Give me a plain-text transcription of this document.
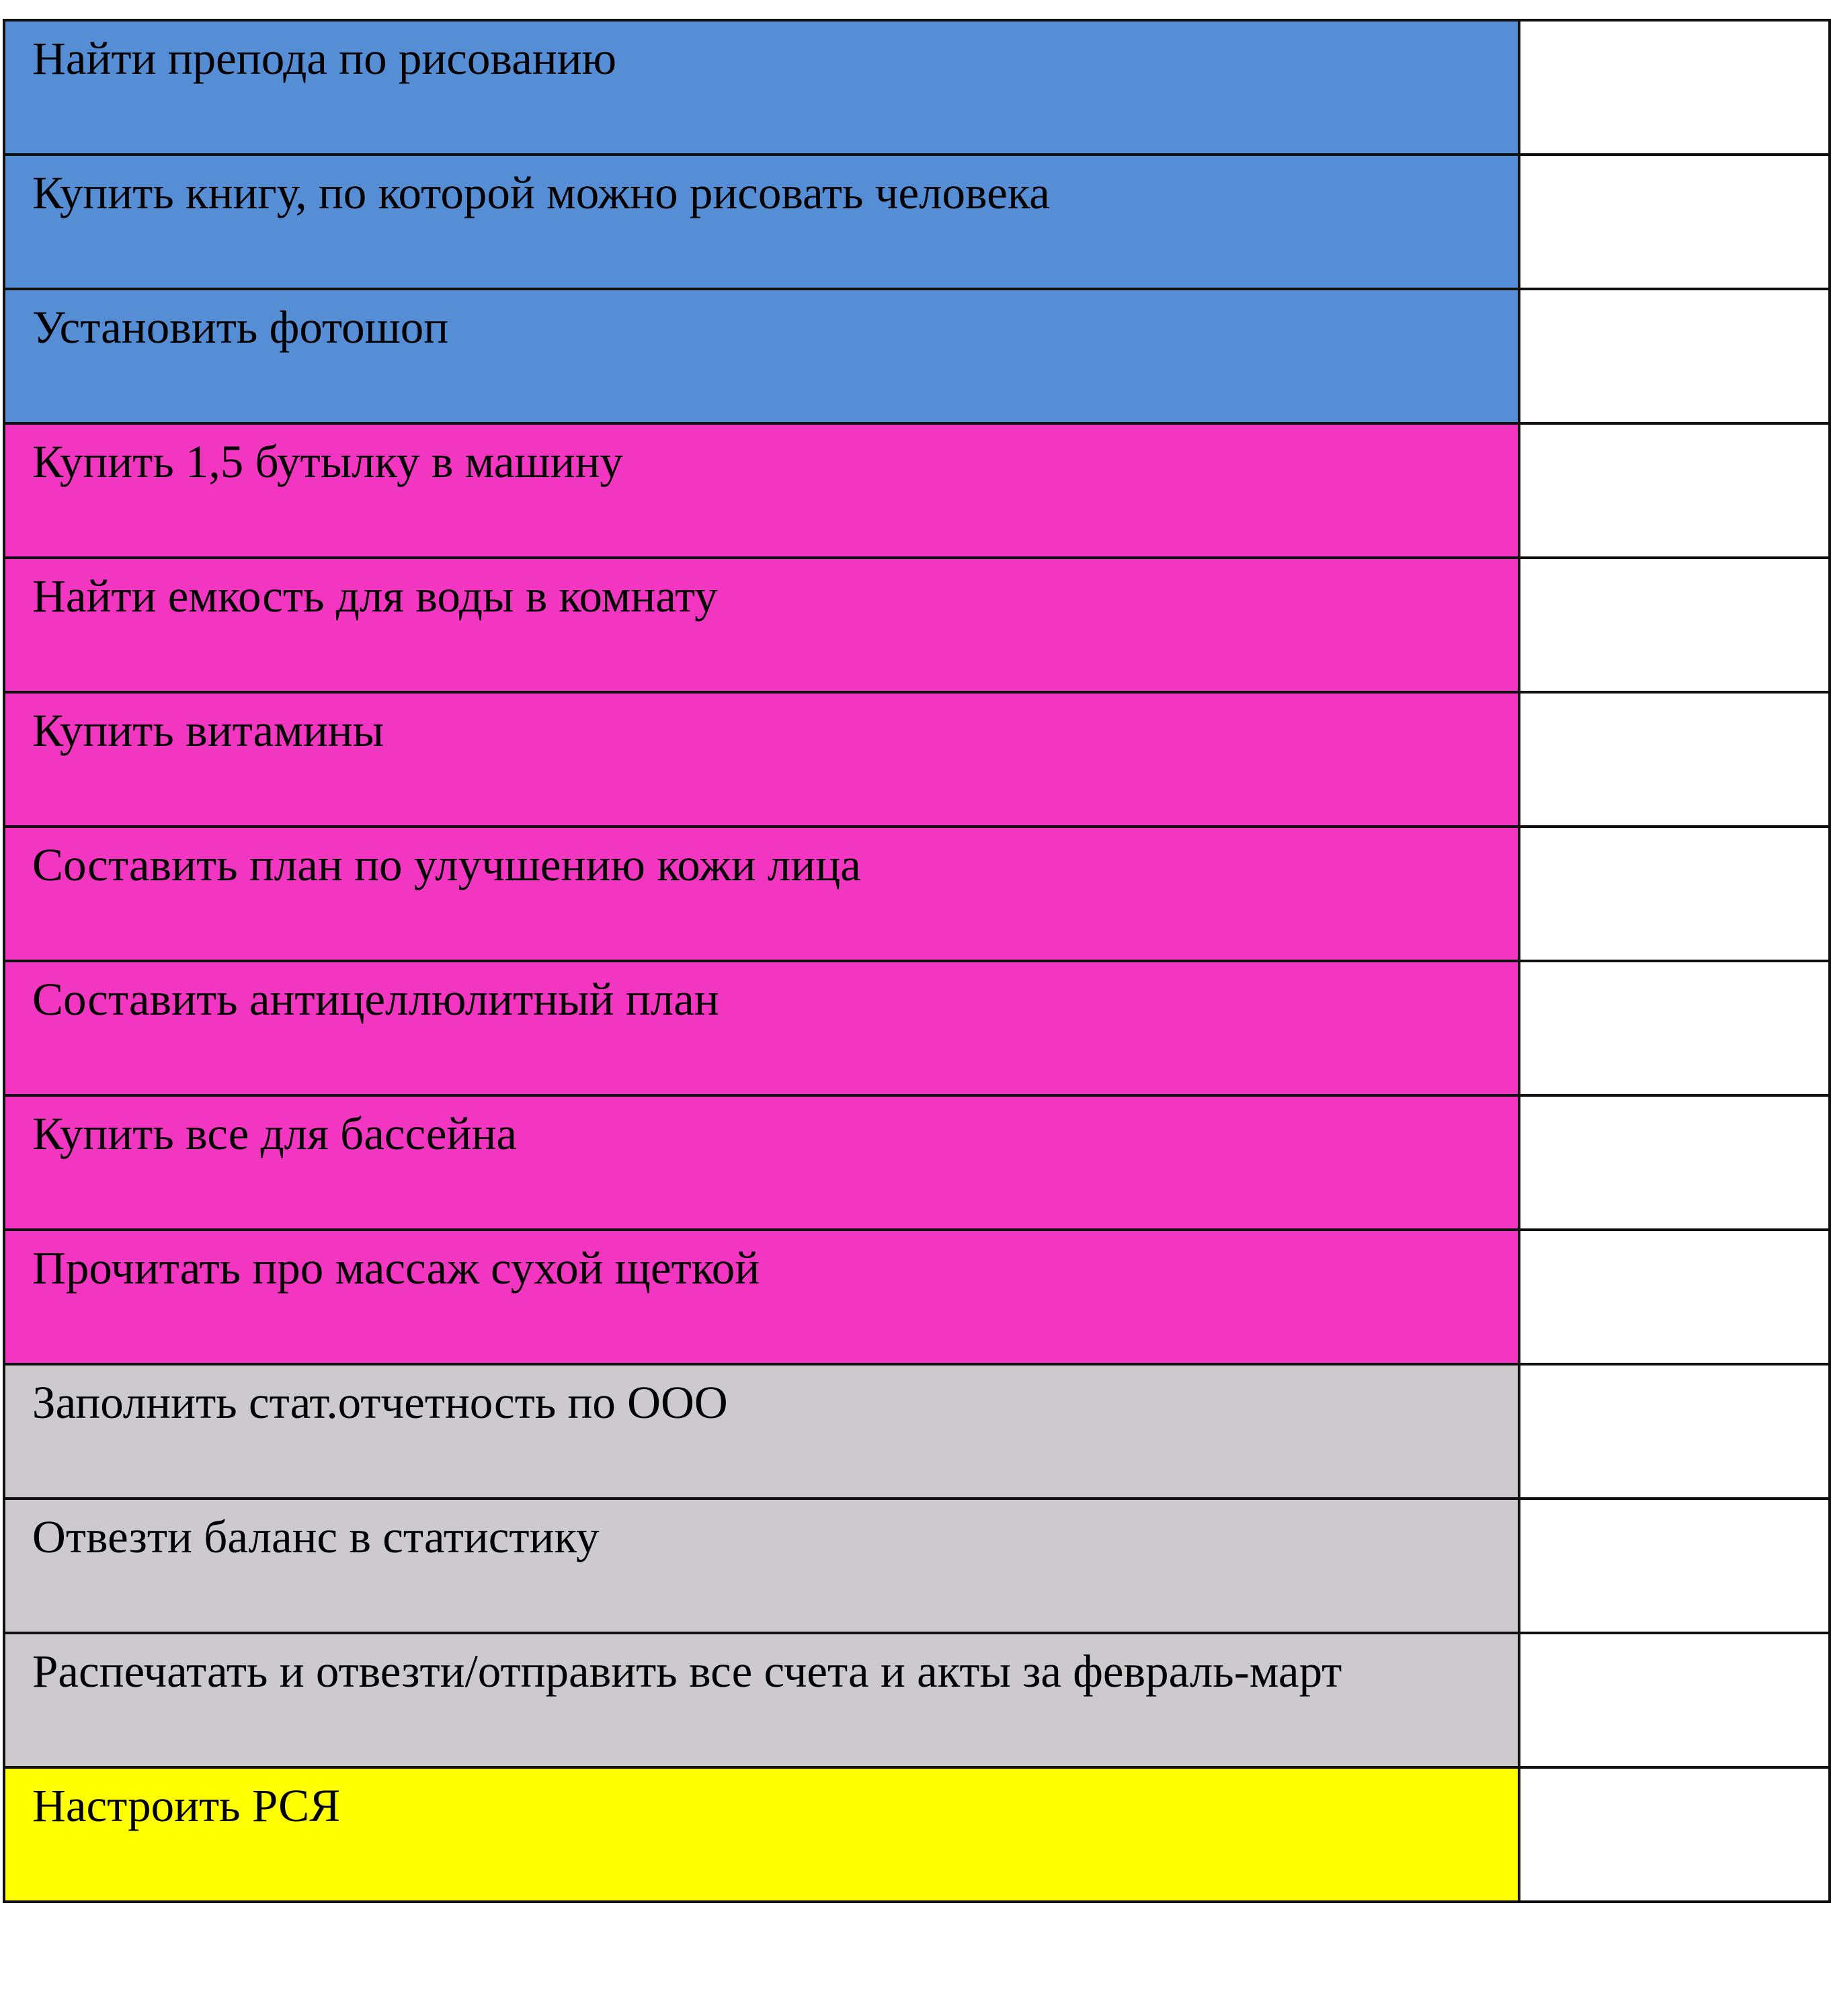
Найти препода по рисованию	

Купить книгу, по которой можно рисовать человека	

Установить фотошоп	

Купить 1,5 бутылку в машину	

Найти емкость для воды в комнату	

Купить витамины	

Составить план по улучшению кожи лица	

Составить антицеллюлитный план	

Купить все для бассейна	

Прочитать про массаж сухой щеткой	

Заполнить стат.отчетность по ООО	

Отвезти баланс в статистику	

Распечатать и отвезти/отправить все счета и акты за февраль-март	

Настроить РСЯ	
